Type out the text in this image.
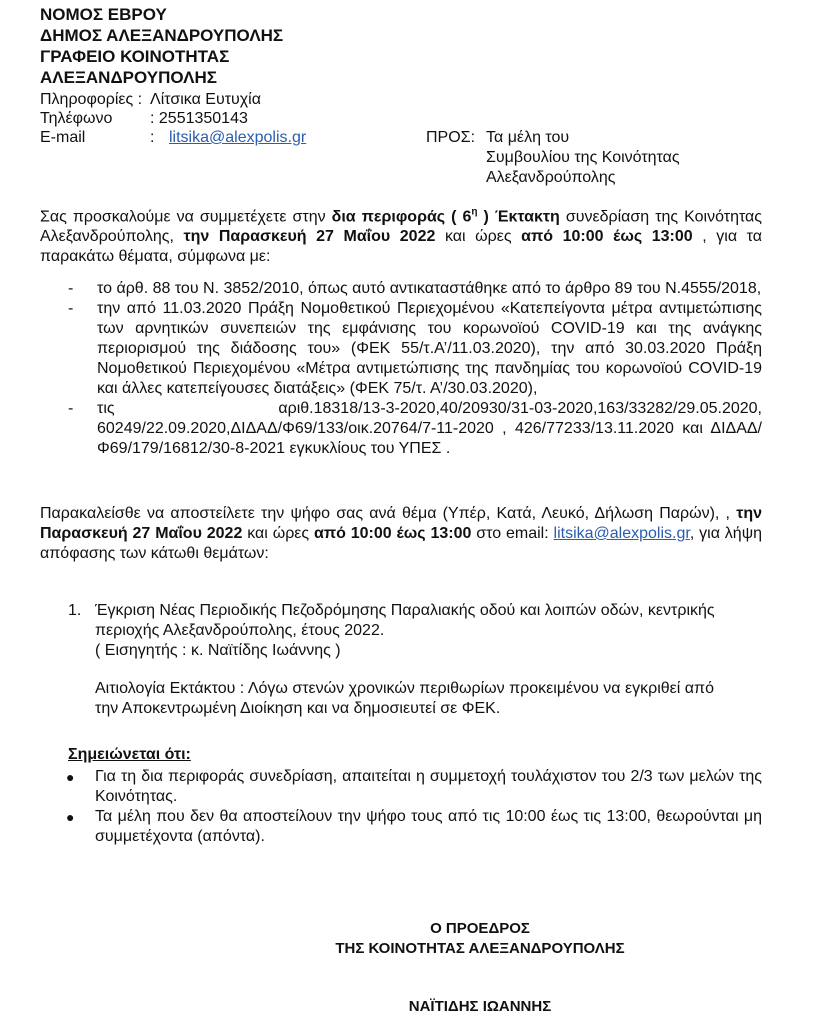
ΝΟΜΟΣ ΕΒΡΟΥ
ΔΗΜΟΣ ΑΛΕΞΑΝΔΡΟΥΠΟΛΗΣ
ΓΡΑΦΕΙΟ ΚΟΙΝΟΤΗΤΑΣ
ΑΛΕΞΑΝΔΡΟΥΠΟΛΗΣ
Πληροφορίες : Λίτσικα Ευτυχία
Τηλέφωνο : 2551350143
E-mail	: litsika@alexpolis.gr	ΠΡΟΣ: Τα μέλη του
Συμβουλίου της Κοινότητας
Αλεξανδρούπολης
Σας προσκαλούμε να συμμετέχετε στην δια περιφοράς ( $6^\eta$ ) Έκτακτη συνεδρίαση της Κοινότητας Αλεξανδρούπολης, την Παρασκευή 27 Μαΐου 2022 και ώρες από 10:00 έως 13:00 , για τα παρακάτω θέματα, σύμφωνα με:
- το άρθ. 88 του Ν. 3852/2010, όπως αυτό αντικαταστάθηκε από το άρθρο 89 του Ν.4555/2018,
- την από 11.03.2020 Πράξη Νομοθετικού Περιεχομένου «Κατεπείγοντα μέτρα αντιμετώπισης των αρνητικών συνεπειών της εμφάνισης του κορωνοϊού COVID-19 και της ανάγκης περιορισμού της διάδοσης του» (ΦΕΚ 55/τ.Α’/11.03.2020), την από 30.03.2020 Πράξη Νομοθετικού Περιεχομένου «Μέτρα αντιμετώπισης της πανδημίας του κορωνοϊού COVID-19 και άλλες κατεπείγουσες διατάξεις» (ΦΕΚ 75/τ. Α’/30.03.2020),
- τις αριθ.18318/13-3-2020,40/20930/31-03-2020,163/33282/29.05.2020, 60249/22.09.2020,ΔΙΔΑΔ/Φ69/133/οικ.20764/7-11-2020 , 426/77233/13.11.2020 και ΔΙΔΑΔ/Φ69/179/16812/30-8-2021 εγκυκλίους του ΥΠΕΣ .
Παρακαλείσθε να αποστείλετε την ψήφο σας ανά θέμα (Υπέρ, Κατά, Λευκό, Δήλωση Παρών), , την Παρασκευή 27 Μαΐου 2022 και ώρες από 10:00 έως 13:00 στο email: litsika@alexpolis.gr, για λήψη απόφασης των κάτωθι θεμάτων:
1. Έγκριση Νέας Περιοδικής Πεζοδρόμησης Παραλιακής οδού και λοιπών οδών, κεντρικής περιοχής Αλεξανδρούπολης, έτους 2022.
( Εισηγητής : κ. Ναϊτίδης Ιωάννης )
Αιτιολογία Εκτάκτου : Λόγω στενών χρονικών περιθωρίων προκειμένου να εγκριθεί από την Αποκεντρωμένη Διοίκηση και να δημοσιευτεί σε ΦΕΚ.
Σημειώνεται ότι:
● Για τη δια περιφοράς συνεδρίαση, απαιτείται η συμμετοχή τουλάχιστον του 2/3 των μελών της Κοινότητας.
● Τα μέλη που δεν θα αποστείλουν την ψήφο τους από τις 10:00 έως τις 13:00, θεωρούνται μη συμμετέχοντα (απόντα).
Ο ΠΡΟΕΔΡΟΣ
ΤΗΣ ΚΟΙΝΟΤΗΤΑΣ ΑΛΕΞΑΝΔΡΟΥΠΟΛΗΣ
ΝΑΪΤΙΔΗΣ ΙΩΑΝΝΗΣ
